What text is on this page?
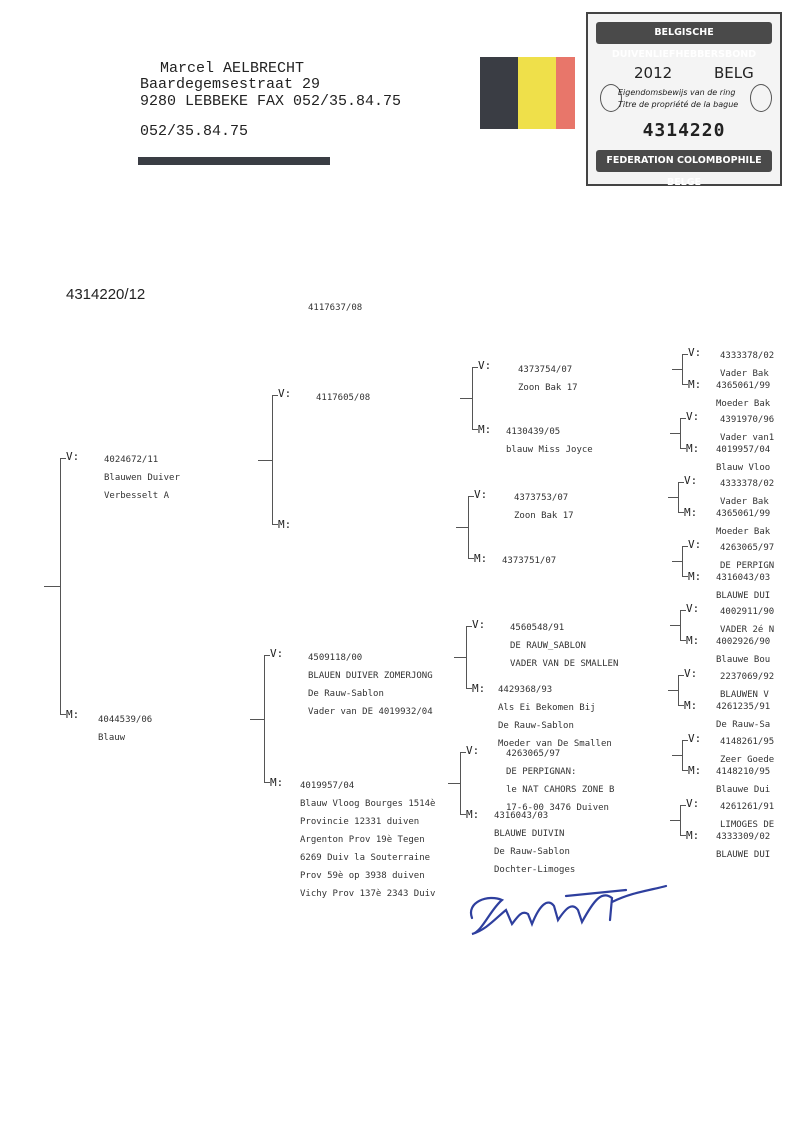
Marcel AELBRECHT
Baardegemsestraat 29
9280 LEBBEKE FAX 052/35.84.75
052/35.84.75
BELGISCHE DUIVENLIEFHEBBERSBOND
2012	BELG
Eigendomsbewijs van de ring
Titre de propriété de la bague
4314220
FEDERATION COLOMBOPHILE BELGE
4314220/12
V:
M:
4024672/11
Blauwen Duiver
Verbesselt A
4044539/06
Blauw
V:
M:
4117605/08
4117637/08
V:
M:
4509118/00
BLAUEN DUIVER ZOMERJONG
De Rauw-Sablon
Vader van DE 4019932/04
4019957/04
Blauw Vloog Bourges 1514è
Provincie 12331 duiven
Argenton Prov 19è Tegen
6269 Duiv la Souterraine
Prov 59è op 3938 duiven
Vichy Prov 137è 2343 Duiv
V:
M:
4373754/07
Zoon Bak 17
4130439/05
blauw Miss Joyce
V:
M:
4373753/07
Zoon Bak 17
4373751/07
V:
M:
4560548/91
DE RAUW_SABLON
VADER VAN DE SMALLEN
4429368/93
Als Ei Bekomen Bij
De Rauw-Sablon
Moeder van De Smallen
V:
M:
4263065/97
DE PERPIGNAN:
le NAT CAHORS ZONE B
17-6-00 3476 Duiven
4316043/03
BLAUWE DUIVIN
De Rauw-Sablon
Dochter-Limoges
V:
M:
4333378/02
Vader Bak
4365061/99
Moeder Bak
V:
M:
4391970/96
Vader van1
4019957/04
Blauw Vloo
V:
M:
4333378/02
Vader Bak
4365061/99
Moeder Bak
V:
M:
4263065/97
DE PERPIGN
4316043/03
BLAUWE DUI
V:
M:
4002911/90
VADER 2é N
4002926/90
Blauwe Bou
V:
M:
2237069/92
BLAUWEN V
4261235/91
De Rauw-Sa
V:
M:
4148261/95
Zeer Goede
4148210/95
Blauwe Dui
V:
M:
4261261/91
LIMOGES DE
4333309/02
BLAUWE DUI
